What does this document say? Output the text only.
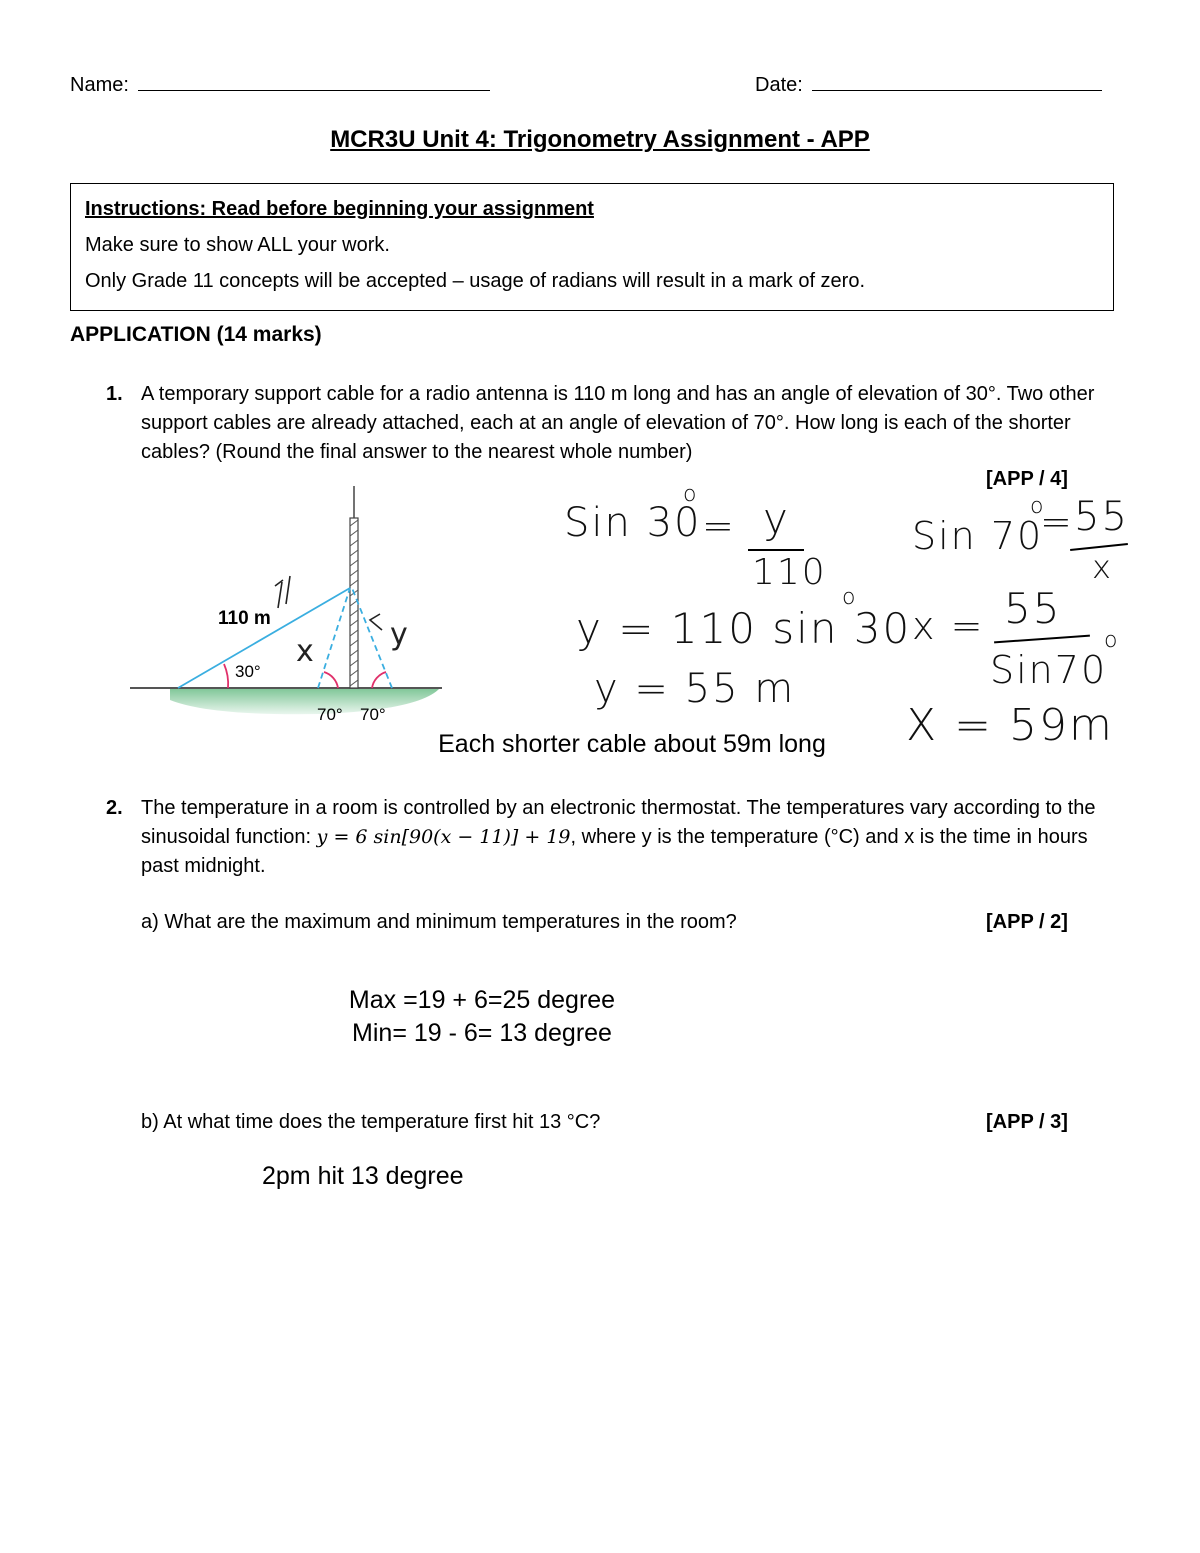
Name:	Date:
MCR3U Unit 4: Trigonometry Assignment - APP

Instructions: Read before beginning your assignment

Make sure to show ALL your work.

Only Grade 11 concepts will be accepted – usage of radians will result in a mark of zero.

APPLICATION (14 marks)
1. A temporary support cable for a radio antenna is 110 m long and has an angle of elevation of 30°. Two other support cables are already attached, each at an angle of elevation of 70°. How long is each of the shorter cables? (Round the final answer to the nearest whole number)
[APP / 4]
110 m
30°
70° 70°
x	y
Sin 30
o
= y
110
y = 110 sin 30
o
y = 55 m
Sin 70
o
= 55
x
x = 55
Sin70
o
X = 59m
Each shorter cable about 59m long
2. The temperature in a room is controlled by an electronic thermostat. The temperatures vary according to the sinusoidal function: y = 6 sin[90(x − 11)] + 19, where y is the temperature (°C) and x is the time in hours past midnight.
a) What are the maximum and minimum temperatures in the room?	[APP / 2]
Max =19 + 6=25 degree
Min= 19 - 6= 13 degree
b) At what time does the temperature first hit 13 °C?	[APP / 3]
2pm hit 13 degree
